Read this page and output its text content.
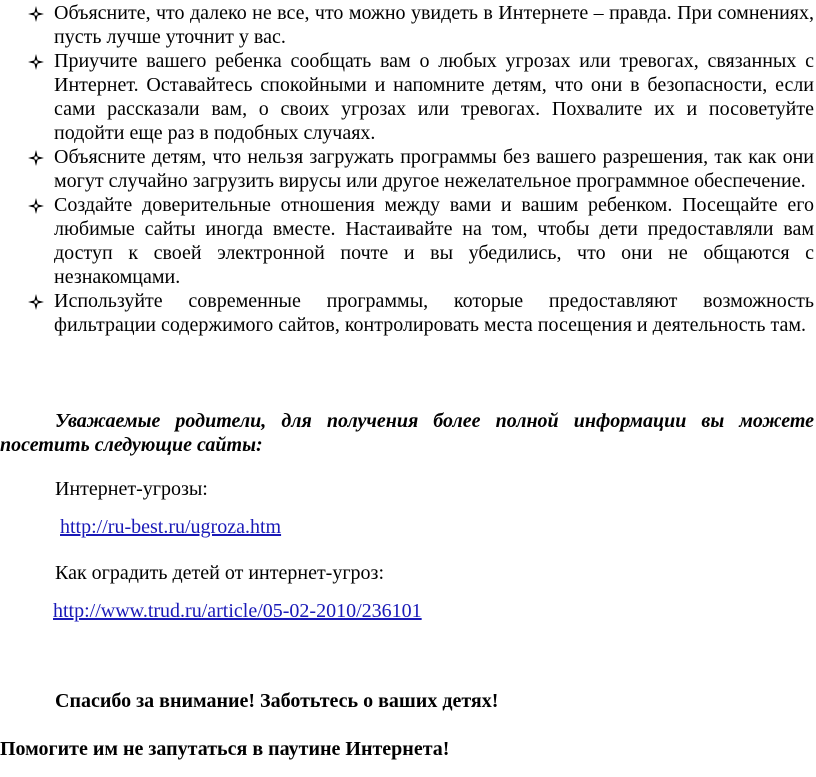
Объясните, что далеко не все, что можно увидеть в Интернете – правда. При сомнениях, пусть лучше уточнит у вас.
Приучите вашего ребенка сообщать вам о любых угрозах или тревогах, связанных с Интернет. Оставайтесь спокойными и напомните детям, что они в безопасности, если сами рассказали вам, о своих угрозах или тревогах. Похвалите их и посоветуйте подойти еще раз в подобных случаях.
Объясните детям, что нельзя загружать программы без вашего разрешения, так как они могут случайно загрузить вирусы или другое нежелательное программное обеспечение.
Создайте доверительные отношения между вами и вашим ребенком. Посещайте его любимые сайты иногда вместе. Настаивайте на том, чтобы дети предоставляли вам доступ к своей электронной почте и вы убедились, что они не общаются с незнакомцами.
Используйте современные программы, которые предоставляют возможность фильтрации содержимого сайтов, контролировать места посещения и деятельность там.
Уважаемые родители, для получения более полной информации вы можете посетить следующие сайты:
Интернет-угрозы:
http://ru-best.ru/ugroza.htm
Как оградить детей от интернет-угроз:
http://www.trud.ru/article/05-02-2010/236101
Спасибо за внимание! Заботьтесь о ваших детях!
Помогите им не запутаться в паутине Интернета!
